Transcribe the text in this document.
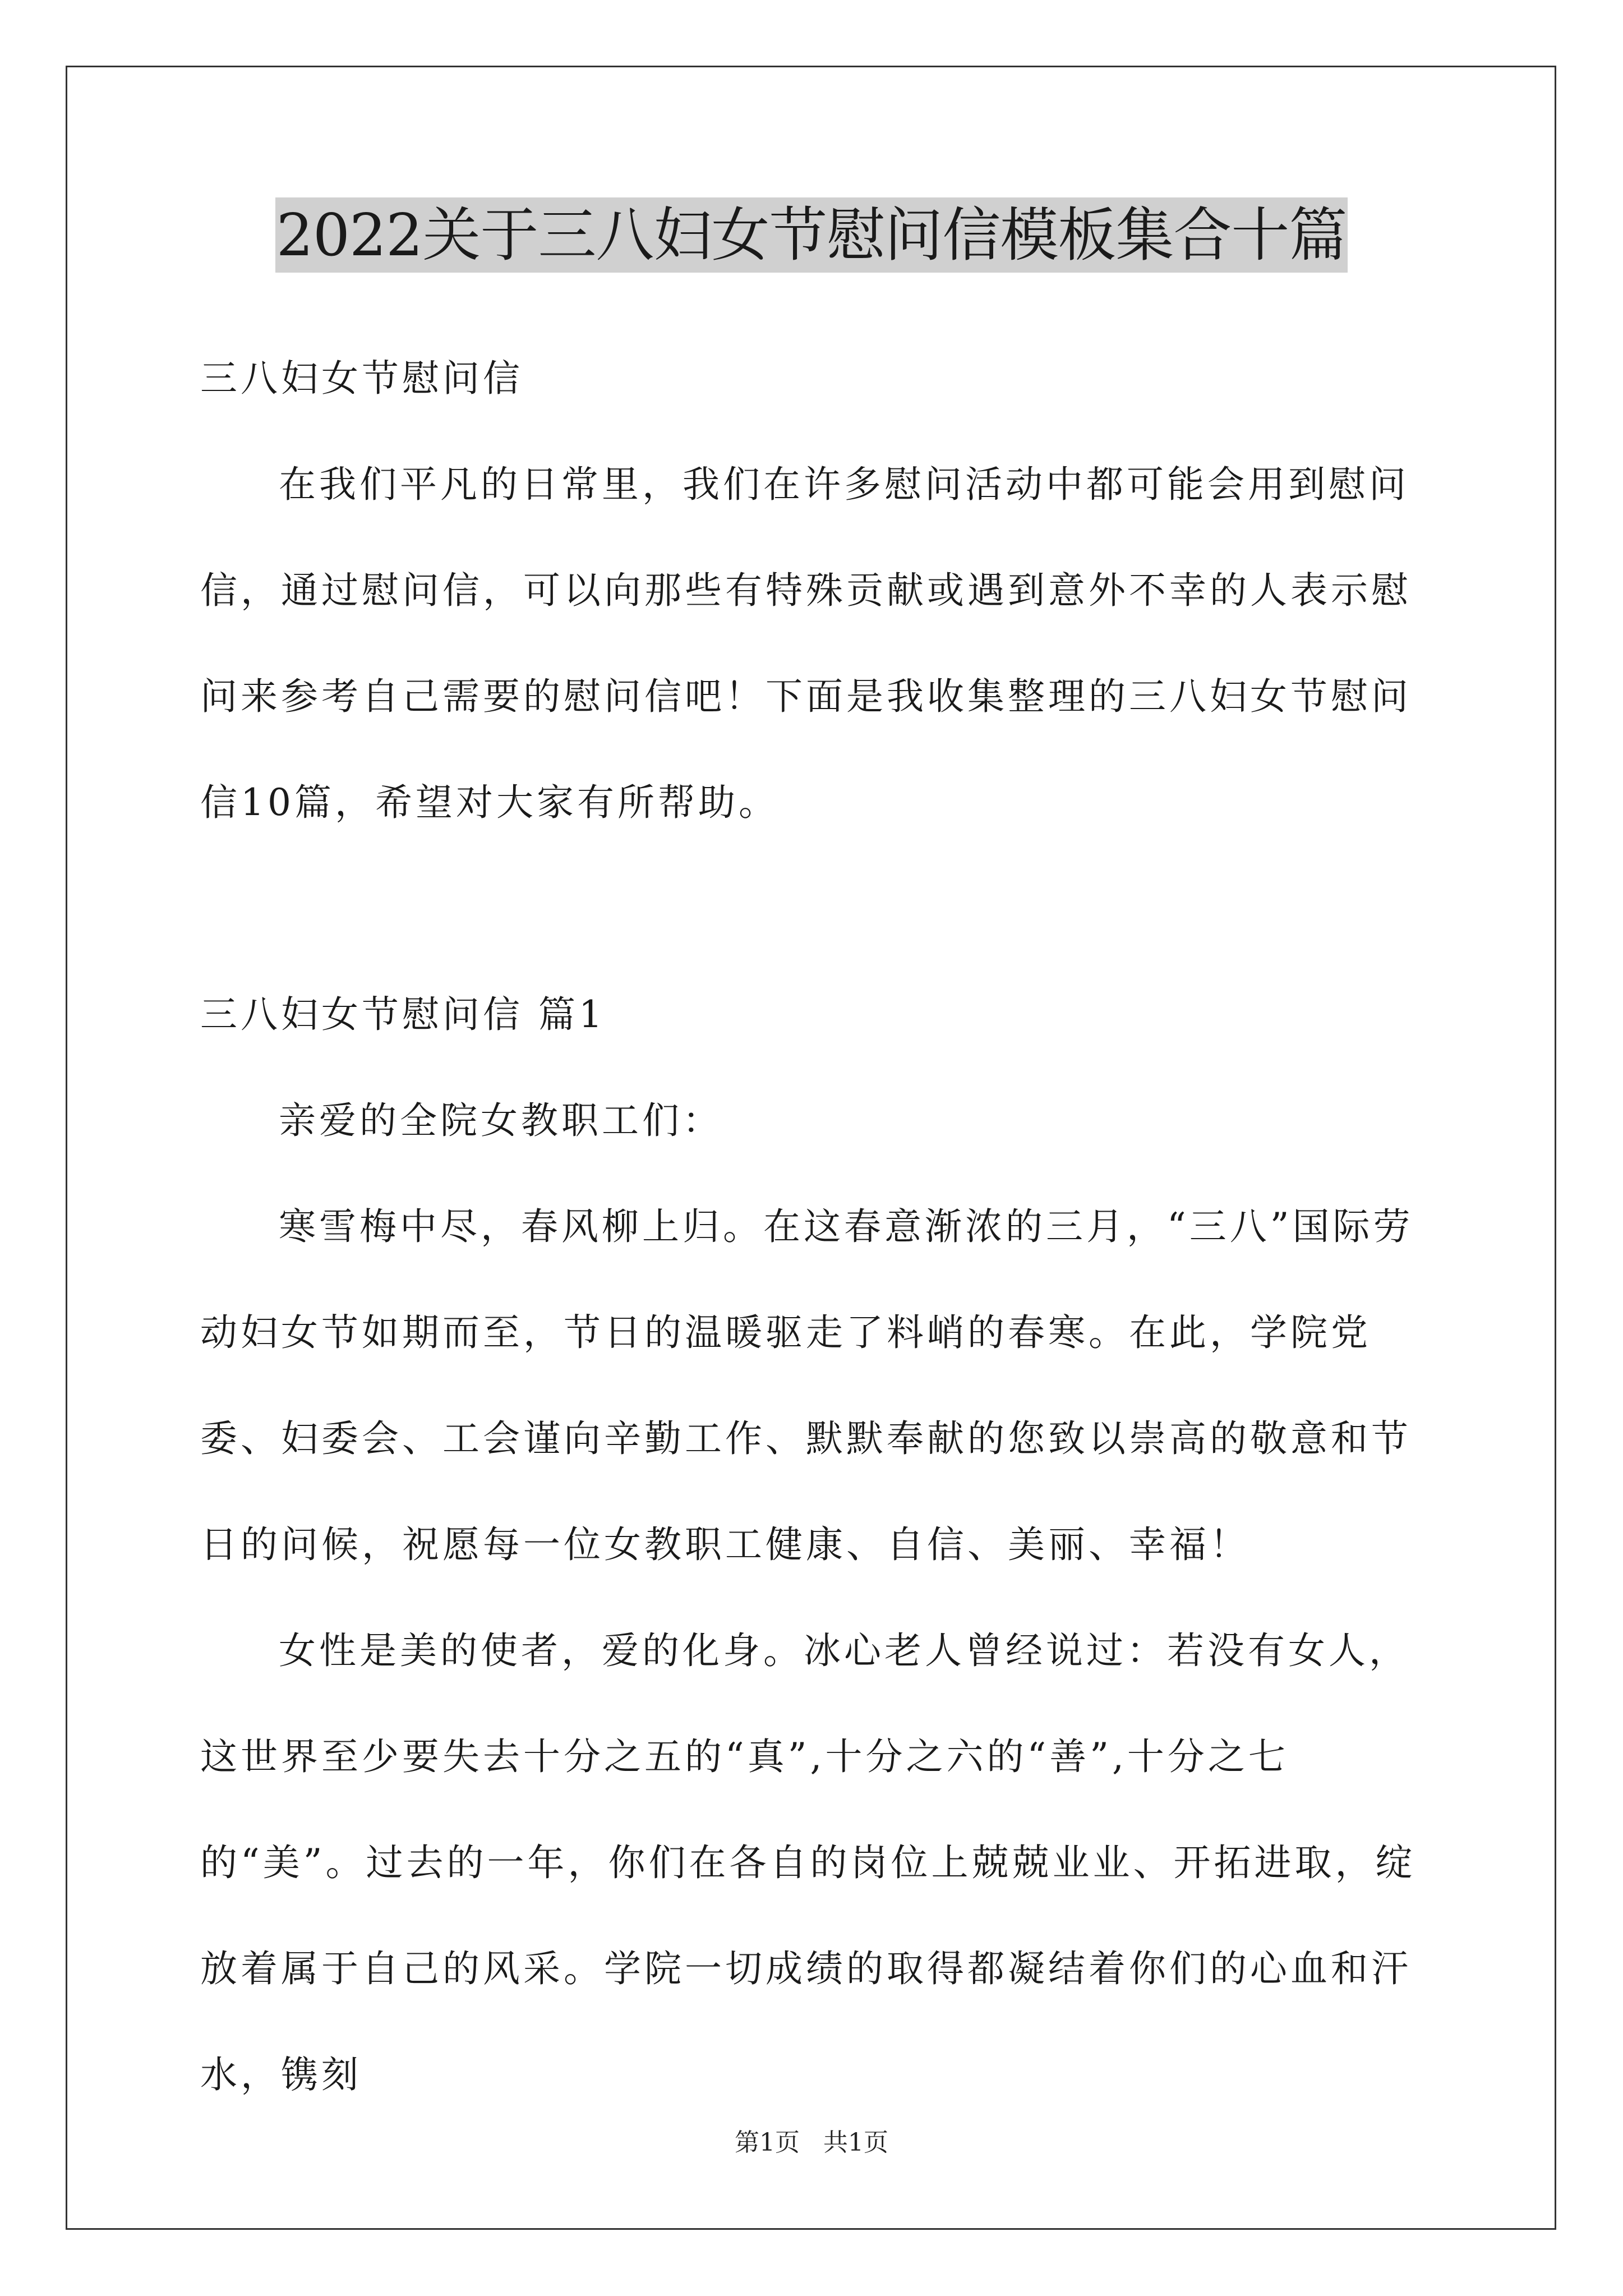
2022关于三八妇女节慰问信模板集合十篇

三八妇女节慰问信

在我们平凡的日常里，我们在许多慰问活动中都可能会用到慰问信，通过慰问信，可以向那些有特殊贡献或遇到意外不幸的人表示慰问来参考自己需要的慰问信吧！下面是我收集整理的三八妇女节慰问信10篇，希望对大家有所帮助。

三八妇女节慰问信 篇1

亲爱的全院女教职工们：

寒雪梅中尽，春风柳上归。在这春意渐浓的三月，“三八”国际劳动妇女节如期而至，节日的温暖驱走了料峭的春寒。在此，学院党委、妇委会、工会谨向辛勤工作、默默奉献的您致以崇高的敬意和节日的问候，祝愿每一位女教职工健康、自信、美丽、幸福！

女性是美的使者，爱的化身。冰心老人曾经说过：若没有女人，这世界至少要失去十分之五的“真”,十分之六的“善”,十分之七的“美”。过去的一年，你们在各自的岗位上兢兢业业、开拓进取，绽放着属于自己的风采。学院一切成绩的取得都凝结着你们的心血和汗水，镌刻

第1页   共1页
